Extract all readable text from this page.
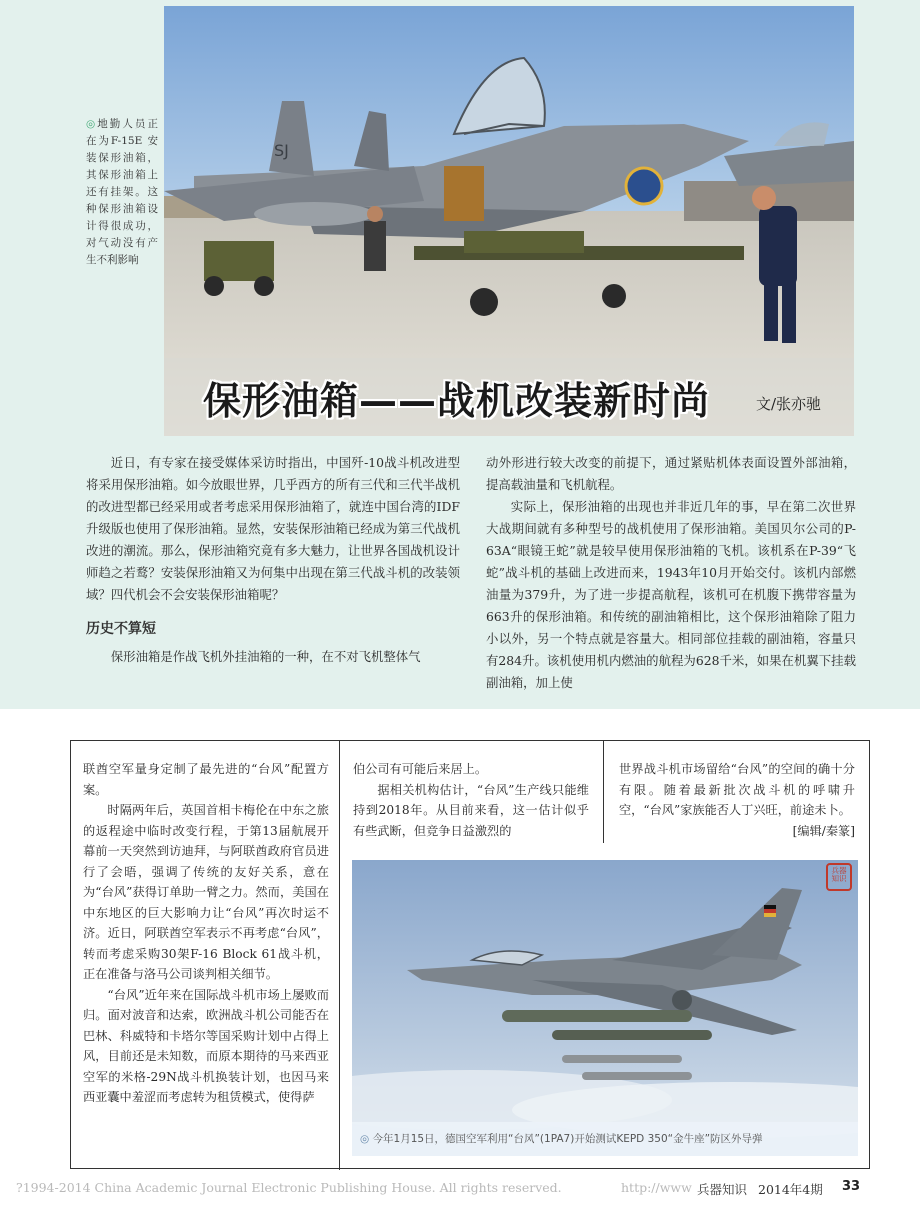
SJ
◎地勤人员正在为F-15E 安装保形油箱，其保形油箱上还有挂架。这种保形油箱设计得很成功，对气动没有产生不利影响
保形油箱——战机改装新时尚	文/张亦驰

近日，有专家在接受媒体采访时指出，中国歼-10战斗机改进型将采用保形油箱。如今放眼世界，几乎西方的所有三代和三代半战机的改进型都已经采用或者考虑采用保形油箱了，就连中国台湾的IDF升级版也使用了保形油箱。显然，安装保形油箱已经成为第三代战机改进的潮流。那么，保形油箱究竟有多大魅力，让世界各国战机设计师趋之若鹜？安装保形油箱又为何集中出现在第三代战斗机的改装领域？四代机会不会安装保形油箱呢？

历史不算短

保形油箱是作战飞机外挂油箱的一种，在不对飞机整体气

动外形进行较大改变的前提下，通过紧贴机体表面设置外部油箱，提高载油量和飞机航程。

实际上，保形油箱的出现也并非近几年的事，早在第二次世界大战期间就有多种型号的战机使用了保形油箱。美国贝尔公司的P-63A“眼镜王蛇”就是较早使用保形油箱的飞机。该机系在P-39“飞蛇”战斗机的基础上改进而来，1943年10月开始交付。该机内部燃油量为379升，为了进一步提高航程，该机可在机腹下携带容量为663升的保形油箱。和传统的副油箱相比，这个保形油箱除了阻力小以外，另一个特点就是容量大。相同部位挂载的副油箱，容量只有284升。该机使用机内燃油的航程为628千米，如果在机翼下挂载副油箱，加上使

联酋空军量身定制了最先进的“台风”配置方案。

时隔两年后，英国首相卡梅伦在中东之旅的返程途中临时改变行程，于第13届航展开幕前一天突然到访迪拜，与阿联酋政府官员进行了会晤，强调了传统的友好关系，意在为“台风”获得订单助一臂之力。然而，美国在中东地区的巨大影响力让“台风”再次时运不济。近日，阿联酋空军表示不再考虑“台风”，转而考虑采购30架F-16 Block 61战斗机，正在准备与洛马公司谈判相关细节。

“台风”近年来在国际战斗机市场上屡败而归。面对波音和达索，欧洲战斗机公司能否在巴林、科威特和卡塔尔等国采购计划中占得上风，目前还是未知数，而原本期待的马来西亚空军的米格-29N战斗机换装计划，也因马来西亚囊中羞涩而考虑转为租赁模式，使得萨

伯公司有可能后来居上。

据相关机构估计，“台风”生产线只能维持到2018年。从目前来看，这一估计似乎有些武断，但竞争日益激烈的

世界战斗机市场留给“台风”的空间的确十分有限。随着最新批次战斗机的呼啸升空，“台风”家族能否人丁兴旺，前途未卜。

[编辑/秦篆]

◎ 今年1月15日，德国空军利用“台风”(1PA7)开始测试KEPD 350“金牛座”防区外导弹
兵器知识
?1994-2014 China Academic Journal Electronic Publishing House. All rights reserved.	http://www 兵器知识 2014年4期 33
